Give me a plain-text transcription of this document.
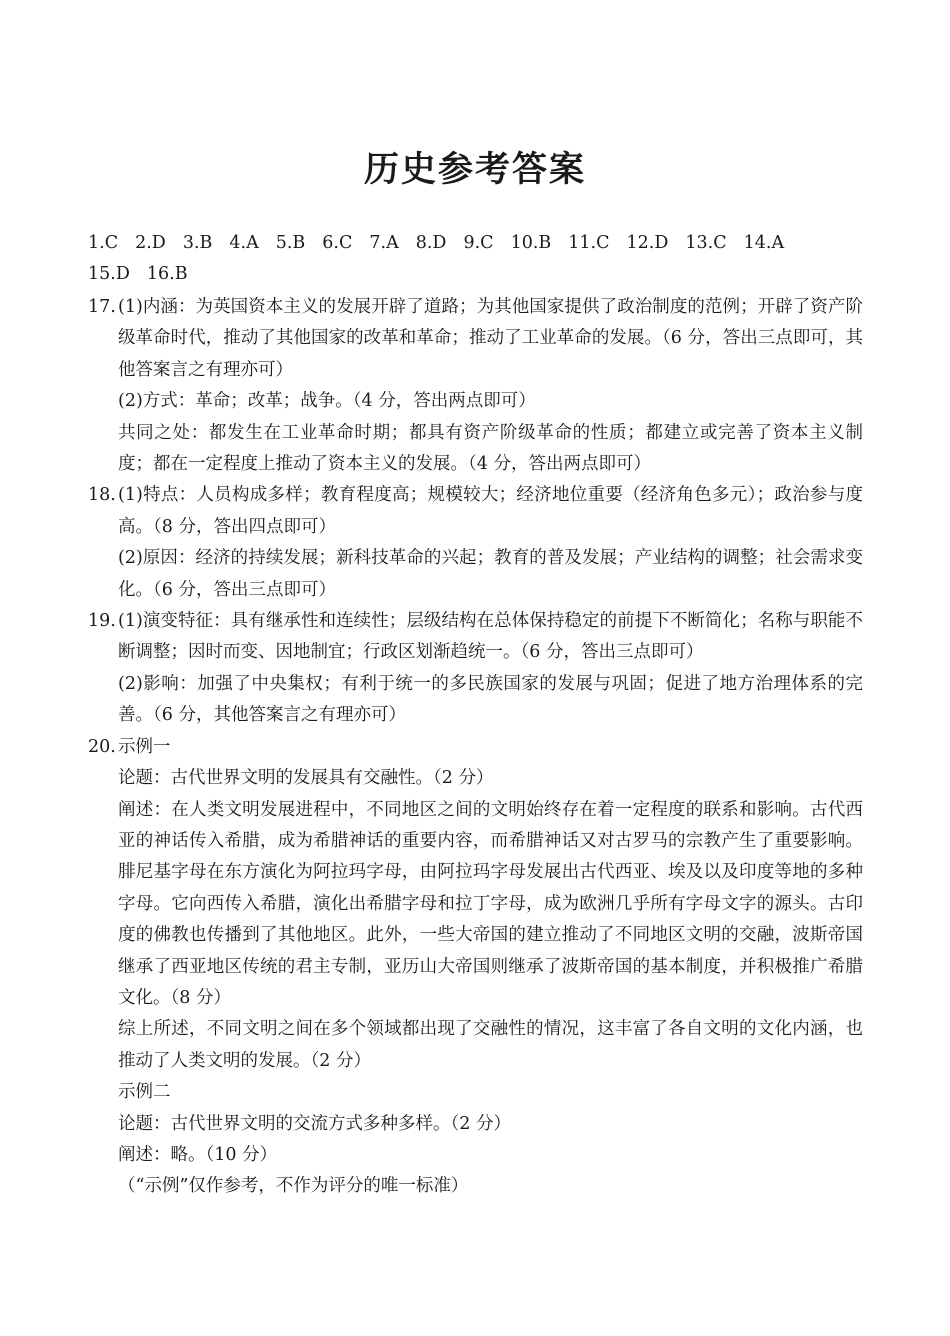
历史参考答案
1.C 2.D 3.B 4.A 5.B 6.C 7.A 8.D 9.C 10.B 11.C 12.D 13.C 14.A
15.D 16.B
17. (1)内涵：为英国资本主义的发展开辟了道路；为其他国家提供了政治制度的范例；开辟了资产阶级革命时代，推动了其他国家的改革和革命；推动了工业革命的发展。（6 分，答出三点即可，其他答案言之有理亦可）

(2)方式：革命；改革；战争。（4 分，答出两点即可）

共同之处：都发生在工业革命时期；都具有资产阶级革命的性质；都建立或完善了资本主义制度；都在一定程度上推动了资本主义的发展。（4 分，答出两点即可）

18. (1)特点：人员构成多样；教育程度高；规模较大；经济地位重要（经济角色多元）；政治参与度高。（8 分，答出四点即可）

(2)原因：经济的持续发展；新科技革命的兴起；教育的普及发展；产业结构的调整；社会需求变化。（6 分，答出三点即可）

19. (1)演变特征：具有继承性和连续性；层级结构在总体保持稳定的前提下不断简化；名称与职能不断调整；因时而变、因地制宜；行政区划渐趋统一。（6 分，答出三点即可）

(2)影响：加强了中央集权；有利于统一的多民族国家的发展与巩固；促进了地方治理体系的完善。（6 分，其他答案言之有理亦可）

20. 示例一

论题：古代世界文明的发展具有交融性。（2 分）

阐述：在人类文明发展进程中，不同地区之间的文明始终存在着一定程度的联系和影响。古代西亚的神话传入希腊，成为希腊神话的重要内容，而希腊神话又对古罗马的宗教产生了重要影响。腓尼基字母在东方演化为阿拉玛字母，由阿拉玛字母发展出古代西亚、埃及以及印度等地的多种字母。它向西传入希腊，演化出希腊字母和拉丁字母，成为欧洲几乎所有字母文字的源头。古印度的佛教也传播到了其他地区。此外，一些大帝国的建立推动了不同地区文明的交融，波斯帝国继承了西亚地区传统的君主专制，亚历山大帝国则继承了波斯帝国的基本制度，并积极推广希腊文化。（8 分）

综上所述，不同文明之间在多个领域都出现了交融性的情况，这丰富了各自文明的文化内涵，也推动了人类文明的发展。（2 分）

示例二

论题：古代世界文明的交流方式多种多样。（2 分）

阐述：略。（10 分）

（“示例”仅作参考，不作为评分的唯一标准）
